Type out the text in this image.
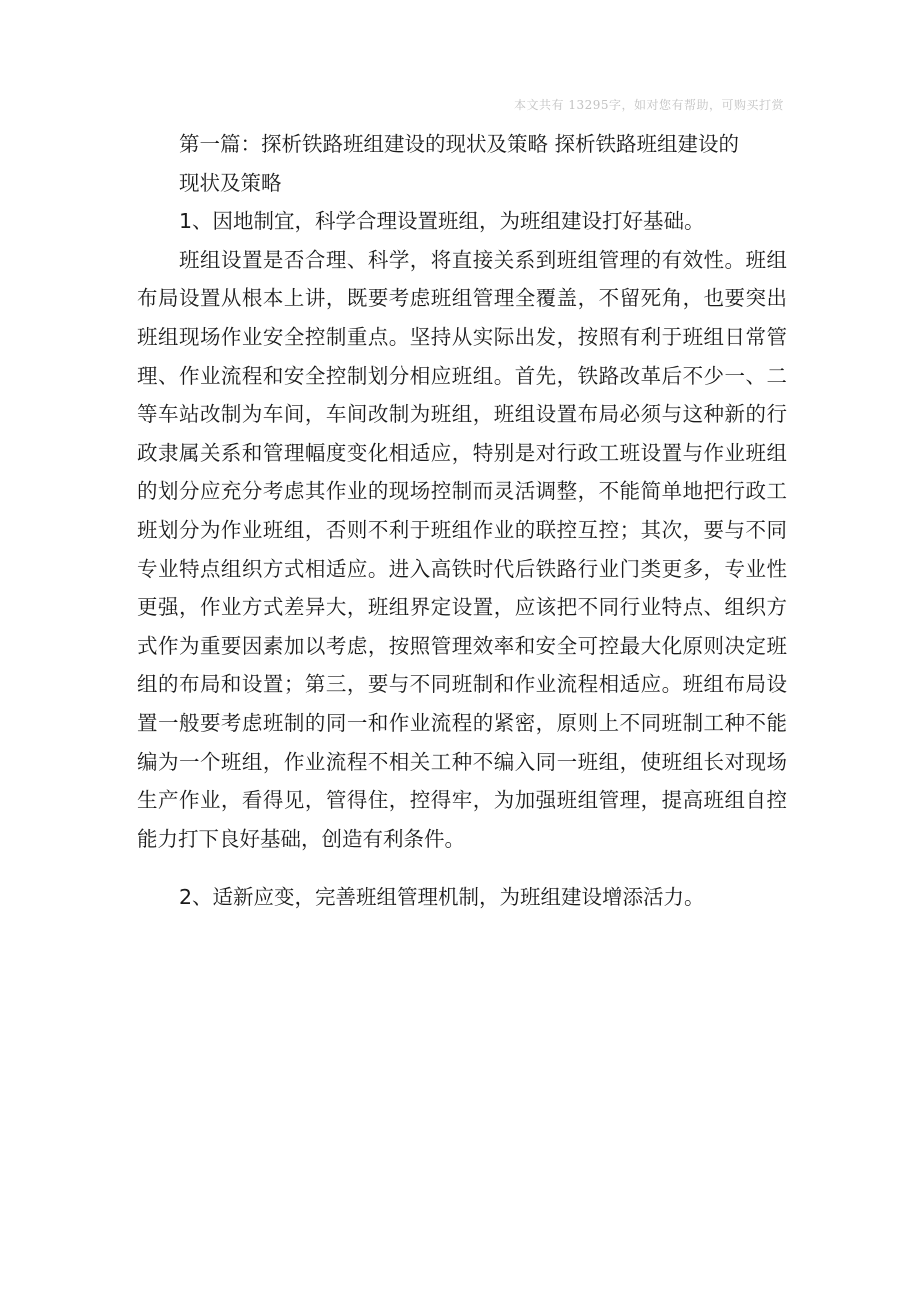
本文共有 13295字，如对您有帮助，可购买打赏
第一篇：探析铁路班组建设的现状及策略 探析铁路班组建设的
现状及策略

1、因地制宜，科学合理设置班组，为班组建设打好基础。

班组设置是否合理、科学，将直接关系到班组管理的有效性。班组布局设置从根本上讲，既要考虑班组管理全覆盖，不留死角，也要突出班组现场作业安全控制重点。坚持从实际出发，按照有利于班组日常管理、作业流程和安全控制划分相应班组。首先，铁路改革后不少一、二等车站改制为车间，车间改制为班组，班组设置布局必须与这种新的行政隶属关系和管理幅度变化相适应，特别是对行政工班设置与作业班组的划分应充分考虑其作业的现场控制而灵活调整，不能简单地把行政工班划分为作业班组，否则不利于班组作业的联控互控；其次，要与不同专业特点组织方式相适应。进入高铁时代后铁路行业门类更多，专业性更强，作业方式差异大，班组界定设置，应该把不同行业特点、组织方式作为重要因素加以考虑，按照管理效率和安全可控最大化原则决定班组的布局和设置；第三，要与不同班制和作业流程相适应。班组布局设置一般要考虑班制的同一和作业流程的紧密，原则上不同班制工种不能编为一个班组，作业流程不相关工种不编入同一班组，使班组长对现场生产作业，看得见，管得住，控得牢，为加强班组管理，提高班组自控能力打下良好基础，创造有利条件。

2、适新应变，完善班组管理机制，为班组建设增添活力。
